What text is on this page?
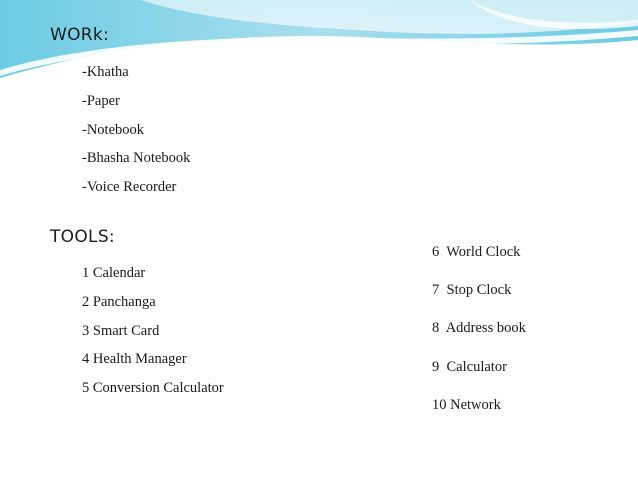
WORk:
-Khatha
-Paper
-Notebook
-Bhasha Notebook
-Voice Recorder
TOOLS:
1 Calendar
2 Panchanga
3 Smart Card
4 Health Manager
5 Conversion Calculator
6  World Clock
7  Stop Clock
8  Address book
9  Calculator
10 Network
